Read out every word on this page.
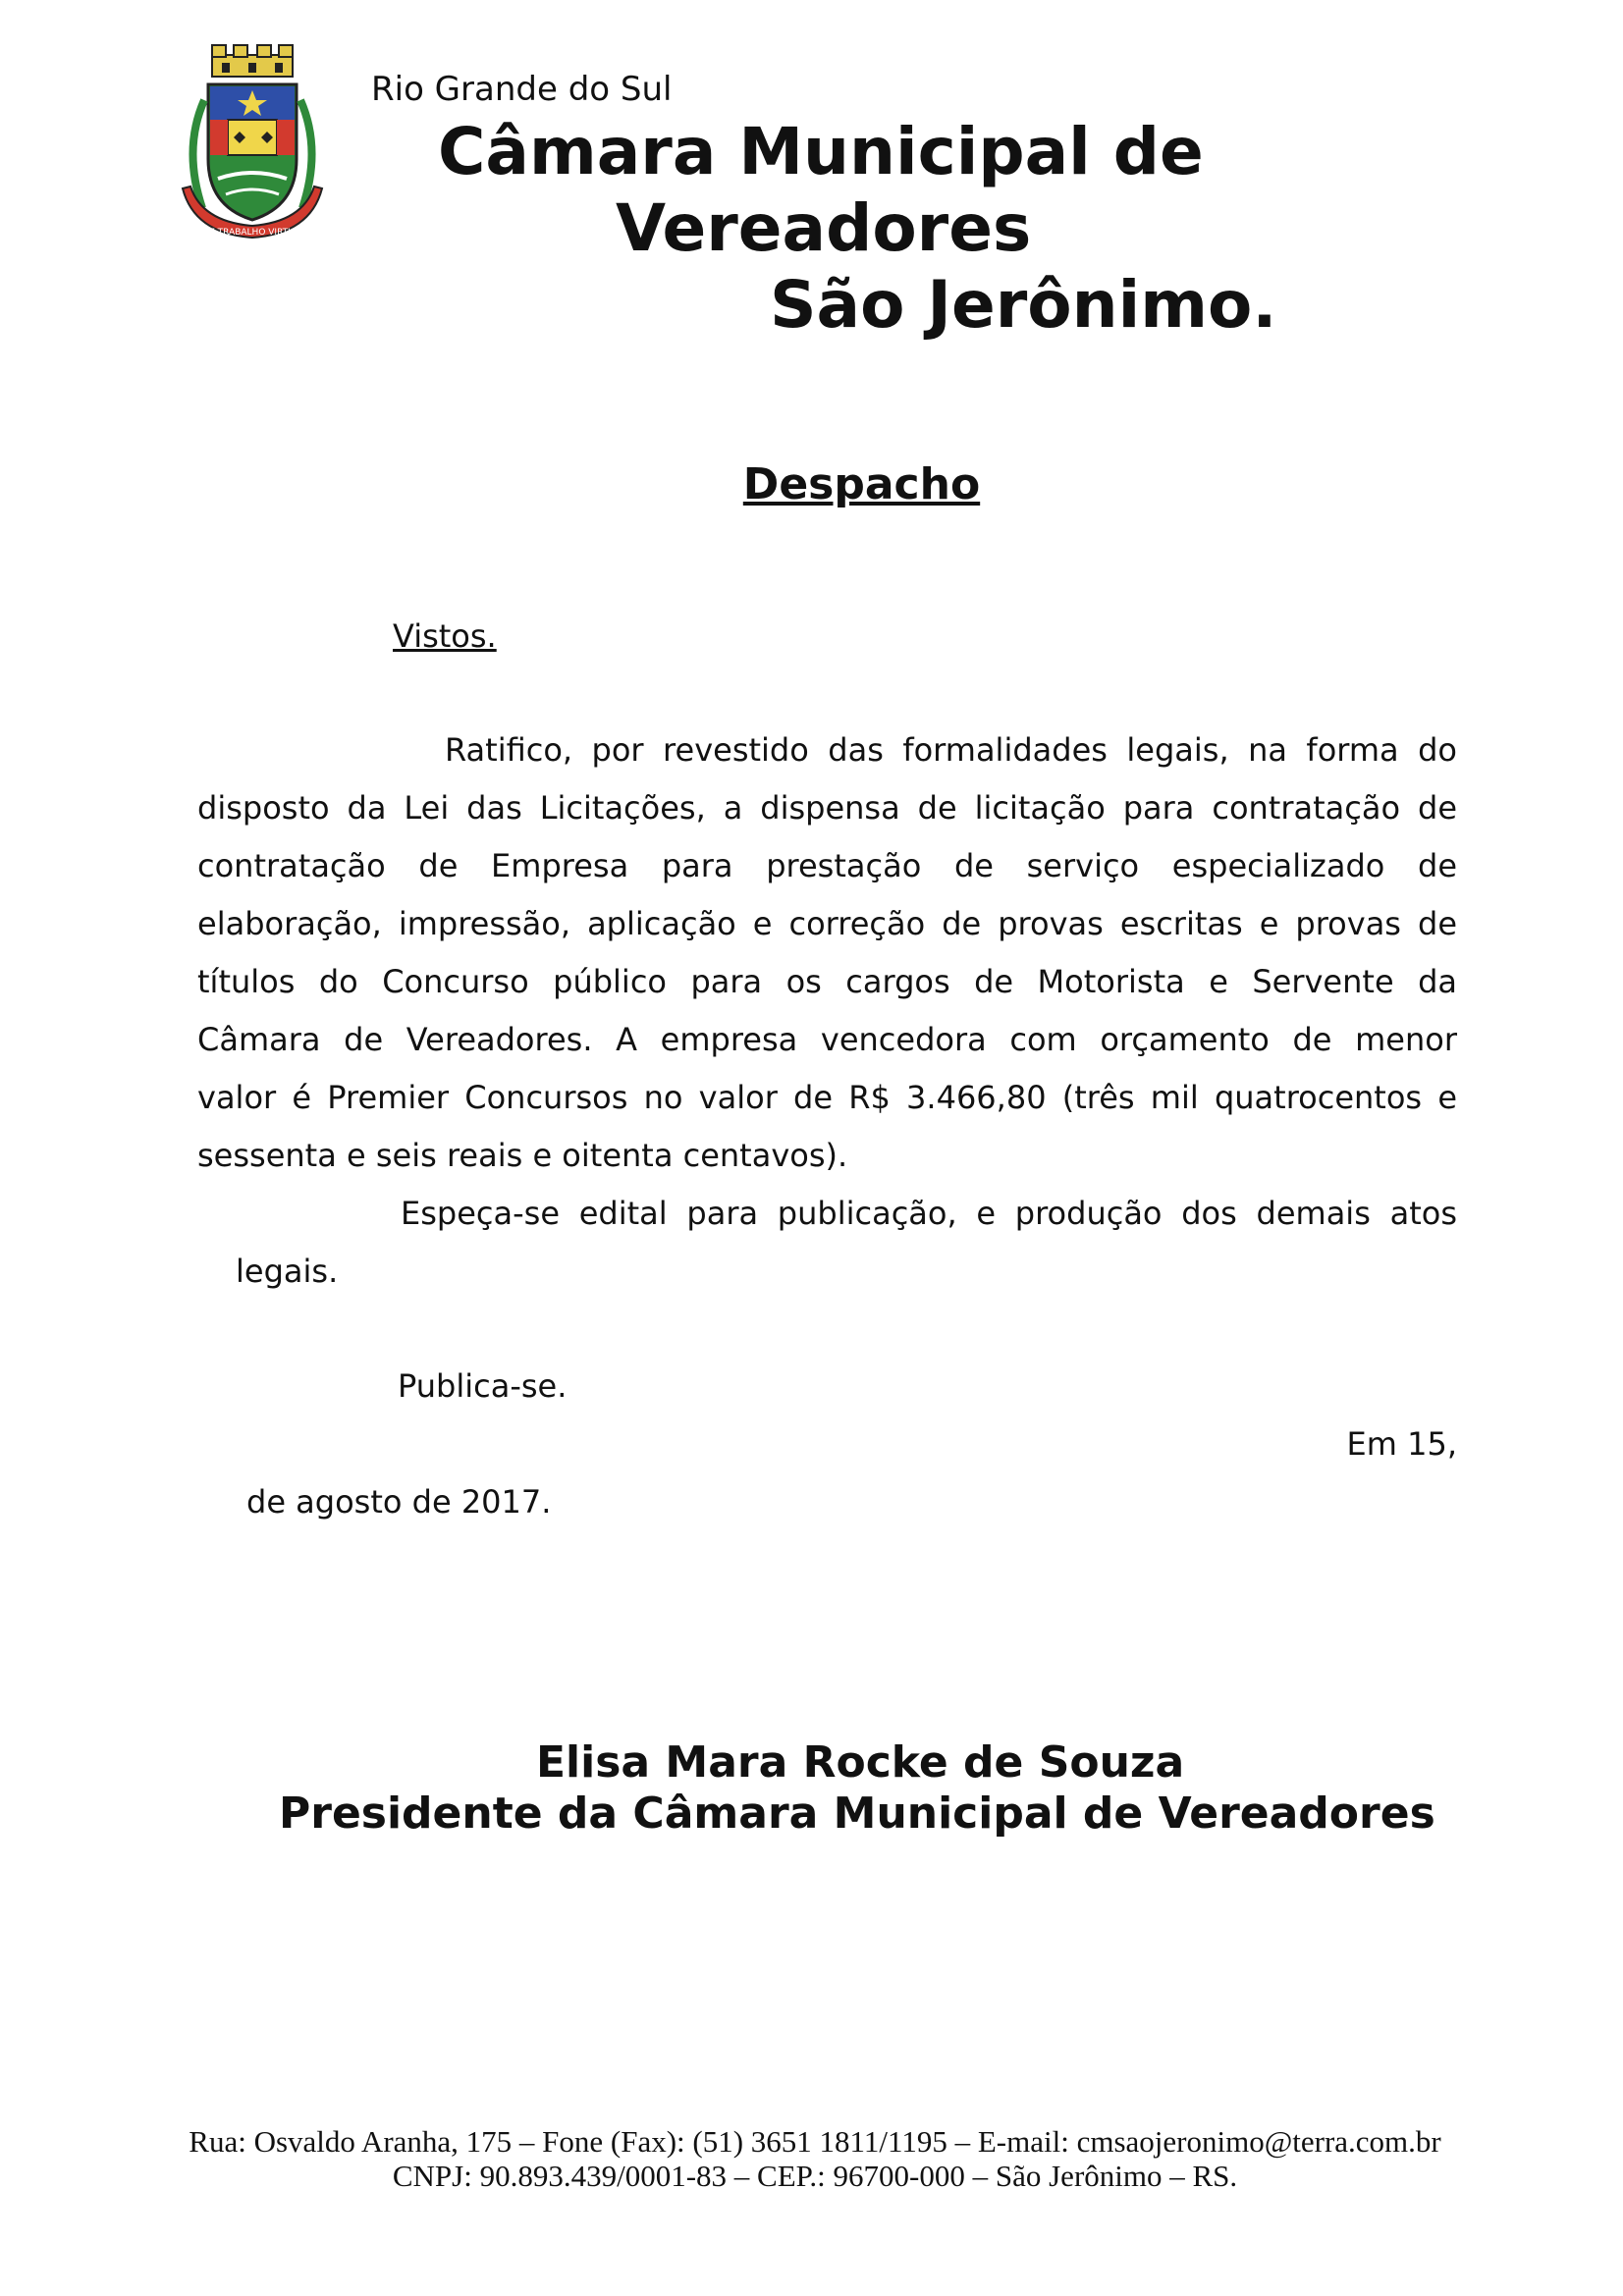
PAZ TRABALHO VIRTUDE
Rio Grande do Sul
Câmara Municipal de
Vereadores
São Jerônimo.
Despacho
Vistos.
Ratifico, por revestido das formalidades legais, na forma do
disposto da Lei das Licitações, a dispensa de licitação para contratação de
contratação de Empresa para prestação de serviço especializado de
elaboração, impressão, aplicação e correção de provas escritas e provas de
títulos do Concurso público para os cargos de Motorista e Servente da
Câmara de Vereadores. A empresa vencedora com orçamento de menor
valor é Premier Concursos no valor de R$ 3.466,80 (três mil quatrocentos e
sessenta e seis reais e oitenta centavos).
Espeça-se edital para publicação, e produção dos demais atos
legais.
Publica-se.
Em 15,
de agosto de 2017.
Elisa Mara Rocke de Souza
Presidente da Câmara Municipal de Vereadores
Rua: Osvaldo Aranha, 175 – Fone (Fax): (51) 3651 1811/1195 – E-mail: cmsaojeronimo@terra.com.br
CNPJ: 90.893.439/0001-83 – CEP.: 96700-000 – São Jerônimo – RS.
